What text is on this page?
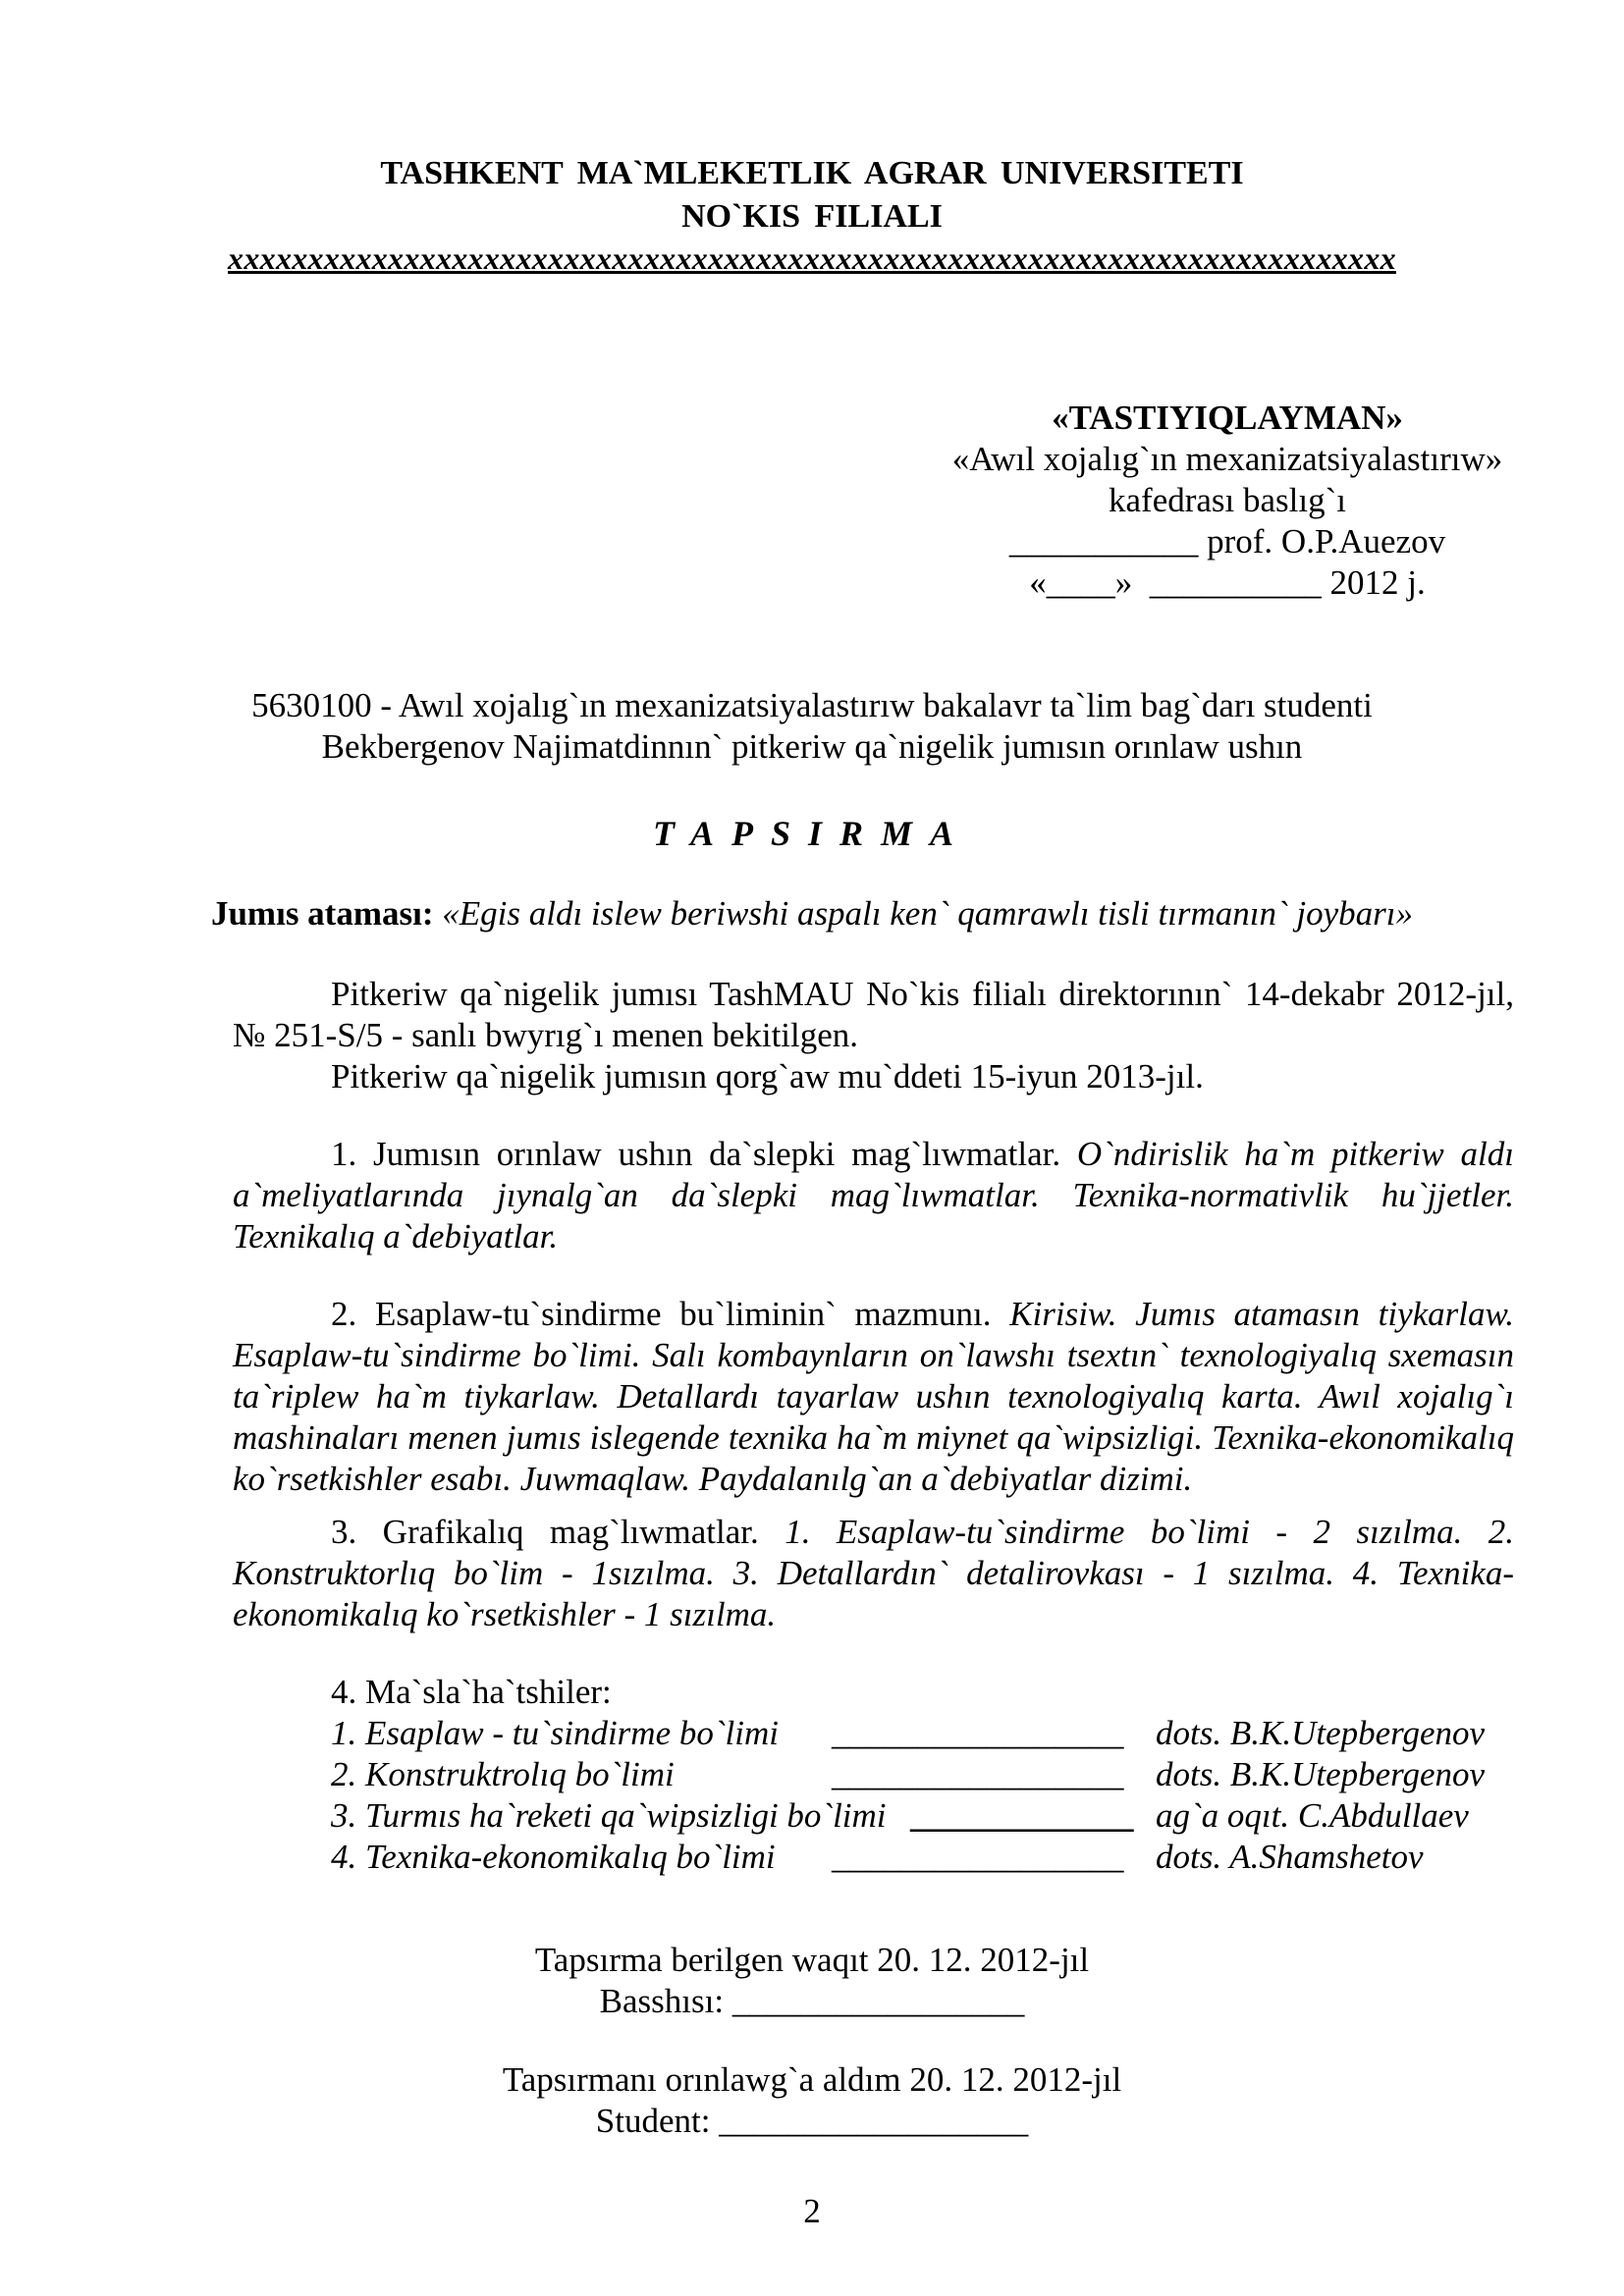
TASHKENT MA`MLEKETLIK AGRAR UNIVERSITETI
NO`KIS FILIALI
xxxxxxxxxxxxxxxxxxxxxxxxxxxxxxxxxxxxxxxxxxxxxxxxxxxxxxxxxxxxxxxxxxxxxxxxx
«TASTIYIQLAYMAN»
«Awıl xojalıg`ın mexanizatsiyalastırıw»
kafedrası baslıg`ı
___________ prof. O.P.Auezov
«____»  __________ 2012 j.
5630100 - Awıl xojalıg`ın mexanizatsiyalastırıw bakalavr ta`lim bag`darı studenti
Bekbergenov Najimatdinnın` pitkeriw qa`nigelik jumısın orınlaw ushın
TAPSIRMA
Jumıs ataması: «Egis aldı islew beriwshi aspalı ken` qamrawlı tisli tırmanın` joybarı»

Pitkeriw qa`nigelik jumısı TashMAU No`kis filialı direktorının` 14-dekabr 2012-jıl, № 251-S/5 - sanlı bwyrıg`ı menen bekitilgen.

Pitkeriw qa`nigelik jumısın qorg`aw mu`ddeti 15-iyun 2013-jıl.

1. Jumısın orınlaw ushın da`slepki mag`lıwmatlar. O`ndirislik ha`m pitkeriw aldı a`meliyatlarında jıynalg`an da`slepki mag`lıwmatlar. Texnika-normativlik hu`jjetler. Texnikalıq a`debiyatlar.

2. Esaplaw-tu`sindirme bu`liminin` mazmunı. Kirisiw. Jumıs atamasın tiykarlaw. Esaplaw-tu`sindirme bo`limi. Salı kombaynların on`lawshı tsextın` texnologiyalıq sxemasın ta`riplew ha`m tiykarlaw. Detallardı tayarlaw ushın texnologiyalıq karta. Awıl xojalıg`ı mashinaları menen jumıs islegende texnika ha`m miynet qa`wipsizligi. Texnika-ekonomikalıq ko`rsetkishler esabı. Juwmaqlaw. Paydalanılg`an a`debiyatlar dizimi.

3. Grafikalıq mag`lıwmatlar. 1. Esaplaw-tu`sindirme bo`limi - 2 sızılma. 2. Konstruktorlıq bo`lim - 1sızılma. 3. Detallardın` detalirovkası - 1 sızılma. 4. Texnika-ekonomikalıq ko`rsetkishler - 1 sızılma.

4. Ma`sla`ha`tshiler:
1. Esaplaw - tu`sindirme bo`limi	_________________ dots. B.K.Utepbergenov
2. Konstruktrolıq bo`limi	_________________ dots. B.K.Utepbergenov
3. Turmıs ha`reketi qa`wipsizligi bo`limi _____________ ag`a oqıt. C.Abdullaev
4. Texnika-ekonomikalıq bo`limi	_________________ dots. A.Shamshetov
Tapsırma berilgen waqıt 20. 12. 2012-jıl
Basshısı: _________________
Tapsırmanı orınlawg`a aldım 20. 12. 2012-jıl
Student: __________________
2
